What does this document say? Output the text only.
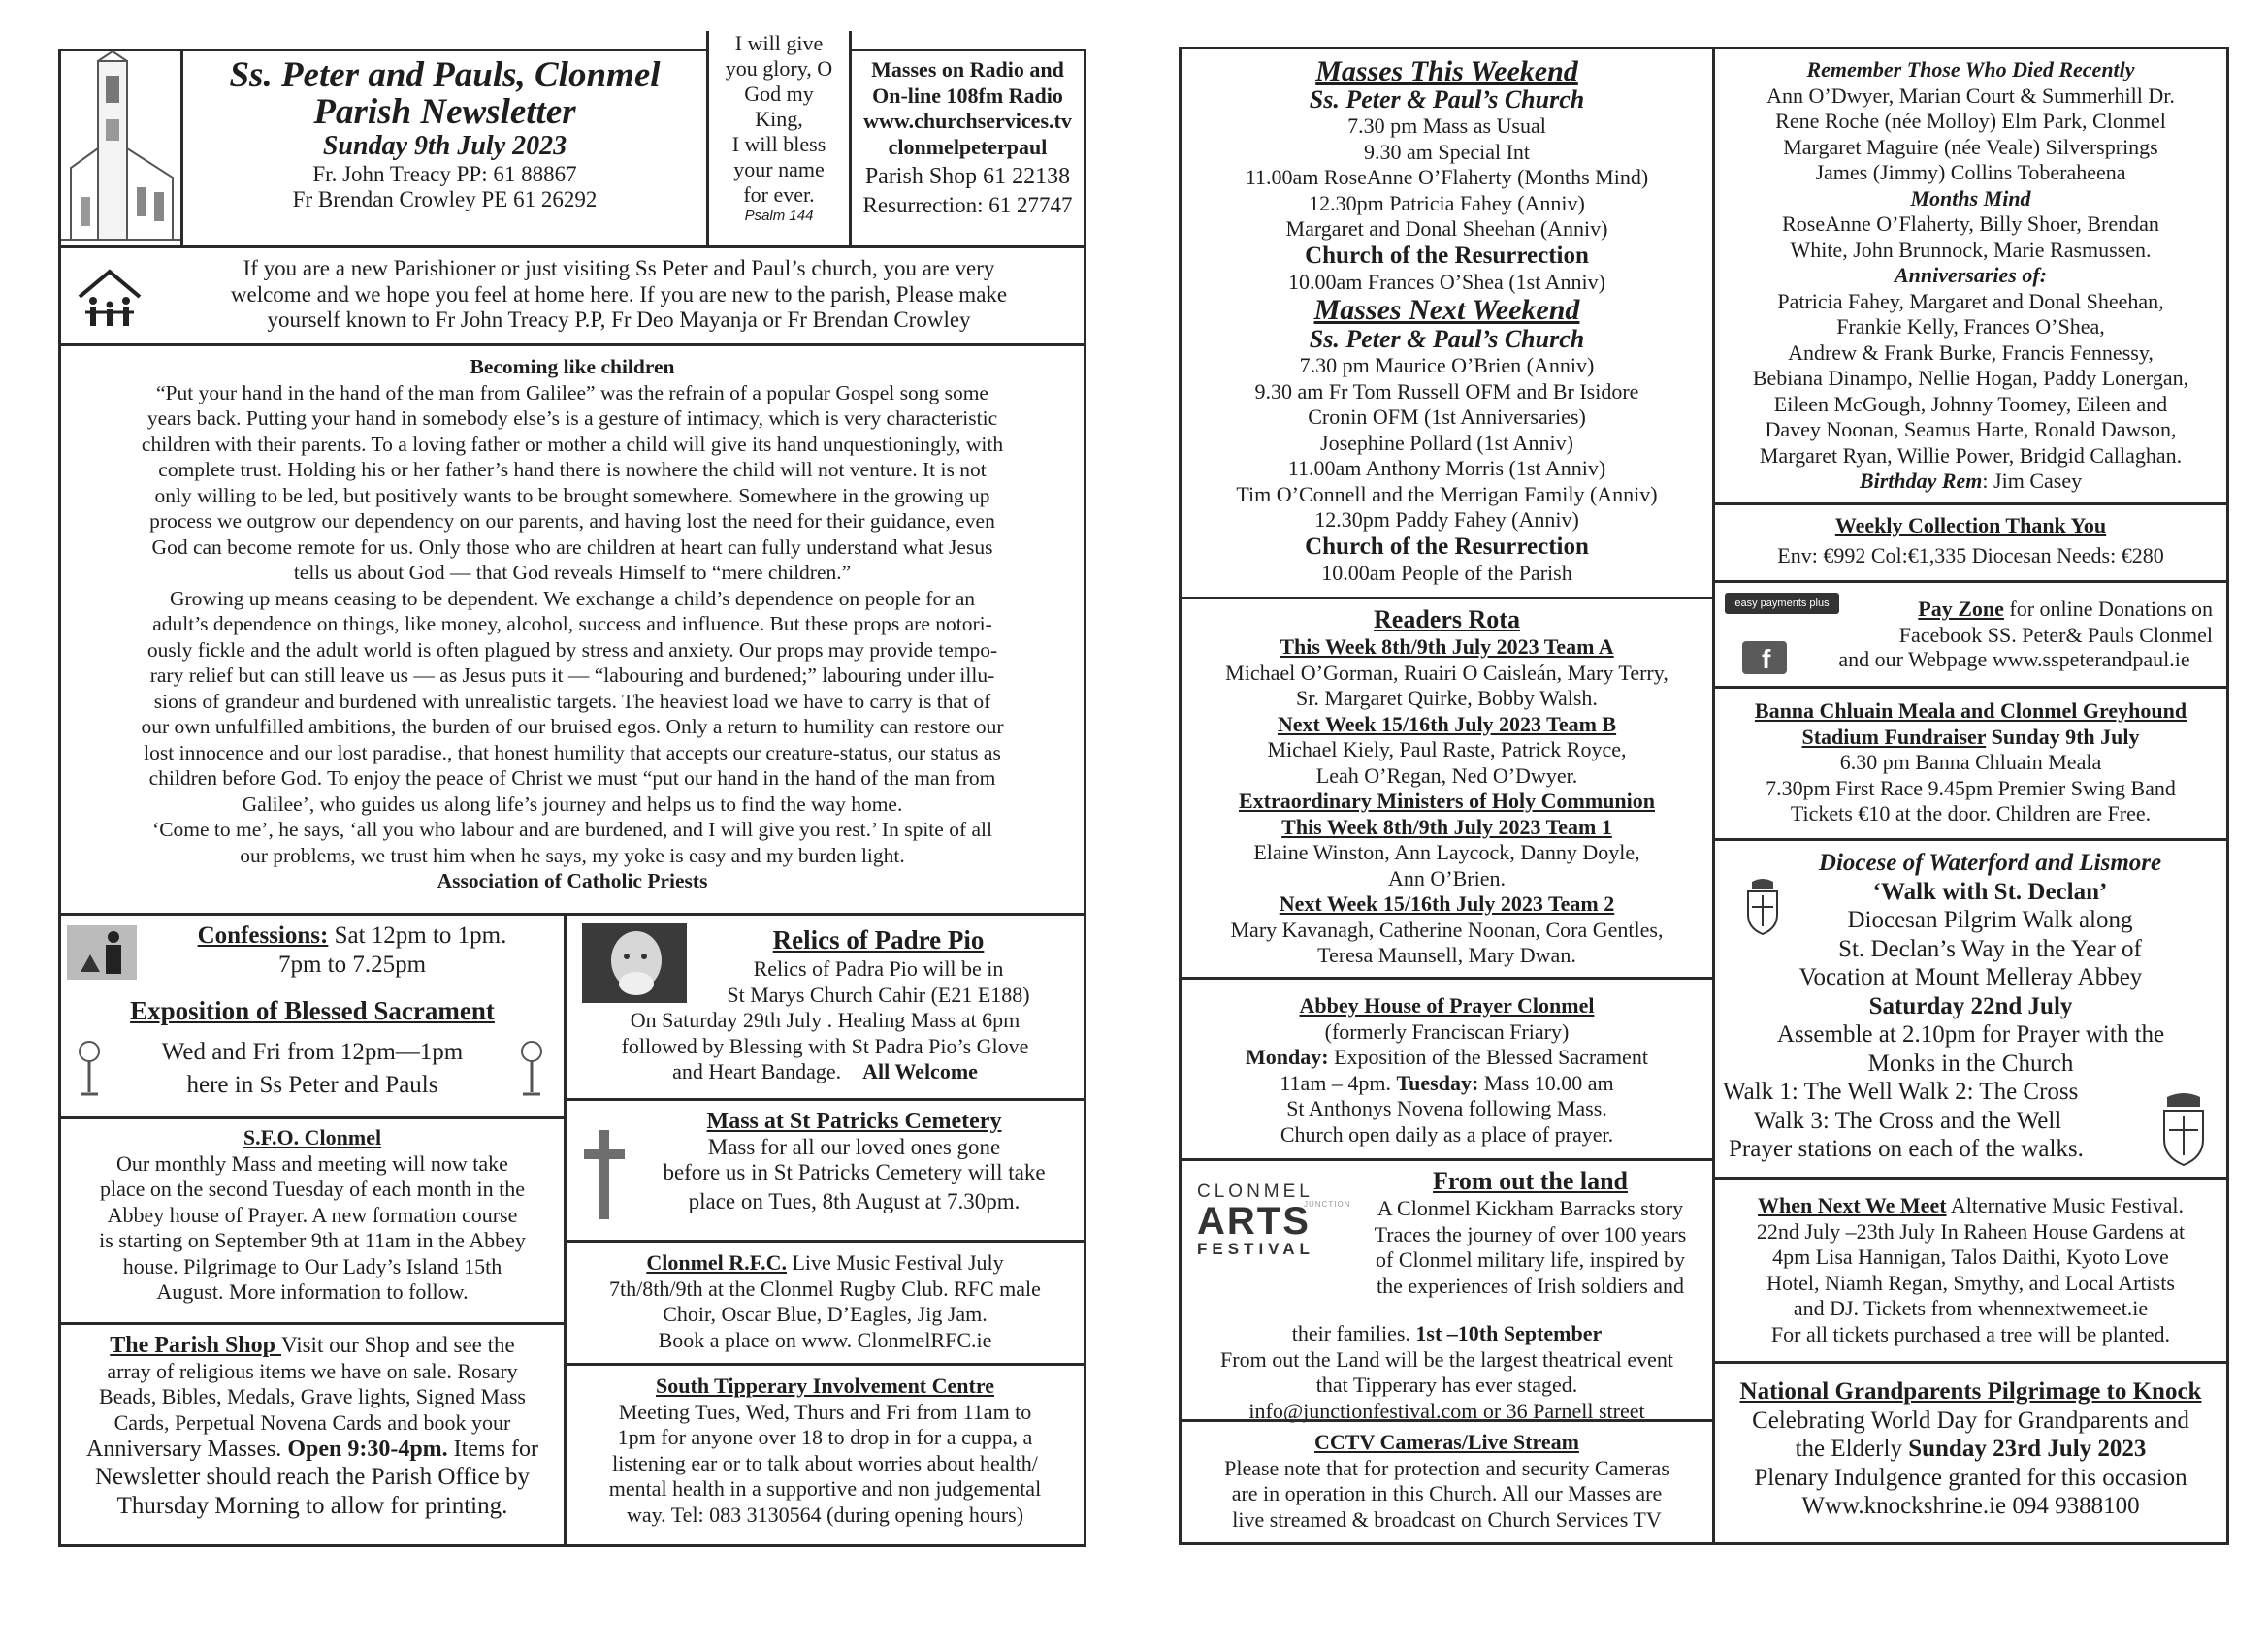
Ss. Peter and Pauls, Clonmel
Parish Newsletter
Sunday 9th July 2023
Fr. John Treacy PP: 61 88867
Fr Brendan Crowley PE 61 26292
I will give
you glory, O
God my
King,
I will bless
your name
for ever.
Psalm 144
Masses on Radio and
On-line 108fm Radio
www.churchservices.tv
clonmelpeterpaul
Parish Shop 61 22138
Resurrection: 61 27747
If you are a new Parishioner or just visiting Ss Peter and Paul’s church, you are very
welcome and we hope you feel at home here. If you are new to the parish, Please make
yourself known to Fr John Treacy P.P, Fr Deo Mayanja or Fr Brendan Crowley
Becoming like children
“Put your hand in the hand of the man from Galilee” was the refrain of a popular Gospel song some
years back. Putting your hand in somebody else’s is a gesture of intimacy, which is very characteristic
children with their parents. To a loving father or mother a child will give its hand unquestioningly, with
complete trust. Holding his or her father’s hand there is nowhere the child will not venture. It is not
only willing to be led, but positively wants to be brought somewhere. Somewhere in the growing up
process we outgrow our dependency on our parents, and having lost the need for their guidance, even
God can become remote for us. Only those who are children at heart can fully understand what Jesus
tells us about God — that God reveals Himself to “mere children.”
Growing up means ceasing to be dependent. We exchange a child’s dependence on people for an
adult’s dependence on things, like money, alcohol, success and influence. But these props are notori-
ously fickle and the adult world is often plagued by stress and anxiety. Our props may provide tempo-
rary relief but can still leave us — as Jesus puts it — “labouring and burdened;” labouring under illu-
sions of grandeur and burdened with unrealistic targets. The heaviest load we have to carry is that of
our own unfulfilled ambitions, the burden of our bruised egos. Only a return to humility can restore our
lost innocence and our lost paradise., that honest humility that accepts our creature-status, our status as
children before God. To enjoy the peace of Christ we must “put our hand in the hand of the man from
Galilee’, who guides us along life’s journey and helps us to find the way home.
‘Come to me’, he says, ‘all you who labour and are burdened, and I will give you rest.’ In spite of all
our problems, we trust him when he says, my yoke is easy and my burden light.
Association of Catholic Priests
Confessions: Sat 12pm to 1pm.
7pm to 7.25pm
Exposition of Blessed Sacrament
Wed and Fri from 12pm—1pm
here in Ss Peter and Pauls
Relics of Padre Pio
Relics of Padra Pio will be in
St Marys Church Cahir (E21 E188)
On Saturday 29th July . Healing Mass at 6pm
followed by Blessing with St Padra Pio’s Glove
and Heart Bandage. All Welcome
S.F.O. Clonmel
Our monthly Mass and meeting will now take
place on the second Tuesday of each month in the
Abbey house of Prayer. A new formation course
is starting on September 9th at 11am in the Abbey
house. Pilgrimage to Our Lady’s Island 15th
August. More information to follow.
Mass at St Patricks Cemetery
Mass for all our loved ones gone
before us in St Patricks Cemetery will take
place on Tues, 8th August at 7.30pm.
Clonmel R.F.C. Live Music Festival July
7th/8th/9th at the Clonmel Rugby Club. RFC male
Choir, Oscar Blue, D’Eagles, Jig Jam.
Book a place on www. ClonmelRFC.ie
The Parish Shop Visit our Shop and see the
array of religious items we have on sale. Rosary
Beads, Bibles, Medals, Grave lights, Signed Mass
Cards, Perpetual Novena Cards and book your
Anniversary Masses. Open 9:30-4pm. Items for
Newsletter should reach the Parish Office by
Thursday Morning to allow for printing.
South Tipperary Involvement Centre
Meeting Tues, Wed, Thurs and Fri from 11am to
1pm for anyone over 18 to drop in for a cuppa, a
listening ear or to talk about worries about health/
mental health in a supportive and non judgemental
way. Tel: 083 3130564 (during opening hours)
Masses This Weekend
Ss. Peter & Paul’s Church
7.30 pm Mass as Usual
9.30 am Special Int
11.00am RoseAnne O’Flaherty (Months Mind)
12.30pm Patricia Fahey (Anniv)
Margaret and Donal Sheehan (Anniv)
Church of the Resurrection
10.00am Frances O’Shea (1st Anniv)
Masses Next Weekend
Ss. Peter & Paul’s Church
7.30 pm Maurice O’Brien (Anniv)
9.30 am Fr Tom Russell OFM and Br Isidore
Cronin OFM (1st Anniversaries)
Josephine Pollard (1st Anniv)
11.00am Anthony Morris (1st Anniv)
Tim O’Connell and the Merrigan Family (Anniv)
12.30pm Paddy Fahey (Anniv)
Church of the Resurrection
10.00am People of the Parish
Readers Rota
This Week 8th/9th July 2023 Team A
Michael O’Gorman, Ruairi O Caisleán, Mary Terry,
Sr. Margaret Quirke, Bobby Walsh.
Next Week 15/16th July 2023 Team B
Michael Kiely, Paul Raste, Patrick Royce,
Leah O’Regan, Ned O’Dwyer.
Extraordinary Ministers of Holy Communion
This Week 8th/9th July 2023 Team 1
Elaine Winston, Ann Laycock, Danny Doyle,
Ann O’Brien.
Next Week 15/16th July 2023 Team 2
Mary Kavanagh, Catherine Noonan, Cora Gentles,
Teresa Maunsell, Mary Dwan.
Abbey House of Prayer Clonmel
(formerly Franciscan Friary)
Monday: Exposition of the Blessed Sacrament
11am – 4pm. Tuesday: Mass 10.00 am
St Anthonys Novena following Mass.
Church open daily as a place of prayer.
CLONMEL
JUNCTION
ARTS
FESTIVAL
From out the land
A Clonmel Kickham Barracks story
Traces the journey of over 100 years
of Clonmel military life, inspired by
the experiences of Irish soldiers and
their families. 1st –10th September
From out the Land will be the largest theatrical event
that Tipperary has ever staged.
info@junctionfestival.com or 36 Parnell street
CCTV Cameras/Live Stream
Please note that for protection and security Cameras
are in operation in this Church. All our Masses are
live streamed & broadcast on Church Services TV
Remember Those Who Died Recently
Ann O’Dwyer, Marian Court & Summerhill Dr.
Rene Roche (née Molloy) Elm Park, Clonmel
Margaret Maguire (née Veale) Silversprings
James (Jimmy) Collins Toberaheena
Months Mind
RoseAnne O’Flaherty, Billy Shoer, Brendan
White, John Brunnock, Marie Rasmussen.
Anniversaries of:
Patricia Fahey, Margaret and Donal Sheehan,
Frankie Kelly, Frances O’Shea,
Andrew & Frank Burke, Francis Fennessy,
Bebiana Dinampo, Nellie Hogan, Paddy Lonergan,
Eileen McGough, Johnny Toomey, Eileen and
Davey Noonan, Seamus Harte, Ronald Dawson,
Margaret Ryan, Willie Power, Bridgid Callaghan.
Birthday Rem: Jim Casey
Weekly Collection Thank You
Env: €992 Col:€1,335 Diocesan Needs: €280
easy payments plus
f
Pay Zone for online Donations on
Facebook SS. Peter& Pauls Clonmel
and our Webpage www.sspeterandpaul.ie
Banna Chluain Meala and Clonmel Greyhound
Stadium Fundraiser Sunday 9th July
6.30 pm Banna Chluain Meala
7.30pm First Race 9.45pm Premier Swing Band
Tickets €10 at the door. Children are Free.
Diocese of Waterford and Lismore
‘Walk with St. Declan’
Diocesan Pilgrim Walk along
St. Declan’s Way in the Year of
Vocation at Mount Melleray Abbey
Saturday 22nd July
Assemble at 2.10pm for Prayer with the
Monks in the Church
Walk 1: The Well Walk 2: The Cross
Walk 3: The Cross and the Well
Prayer stations on each of the walks.
When Next We Meet Alternative Music Festival.
22nd July –23th July In Raheen House Gardens at
4pm Lisa Hannigan, Talos Daithi, Kyoto Love
Hotel, Niamh Regan, Smythy, and Local Artists
and DJ. Tickets from whennextwemeet.ie
For all tickets purchased a tree will be planted.
National Grandparents Pilgrimage to Knock
Celebrating World Day for Grandparents and
the Elderly Sunday 23rd July 2023
Plenary Indulgence granted for this occasion
Www.knockshrine.ie 094 9388100
